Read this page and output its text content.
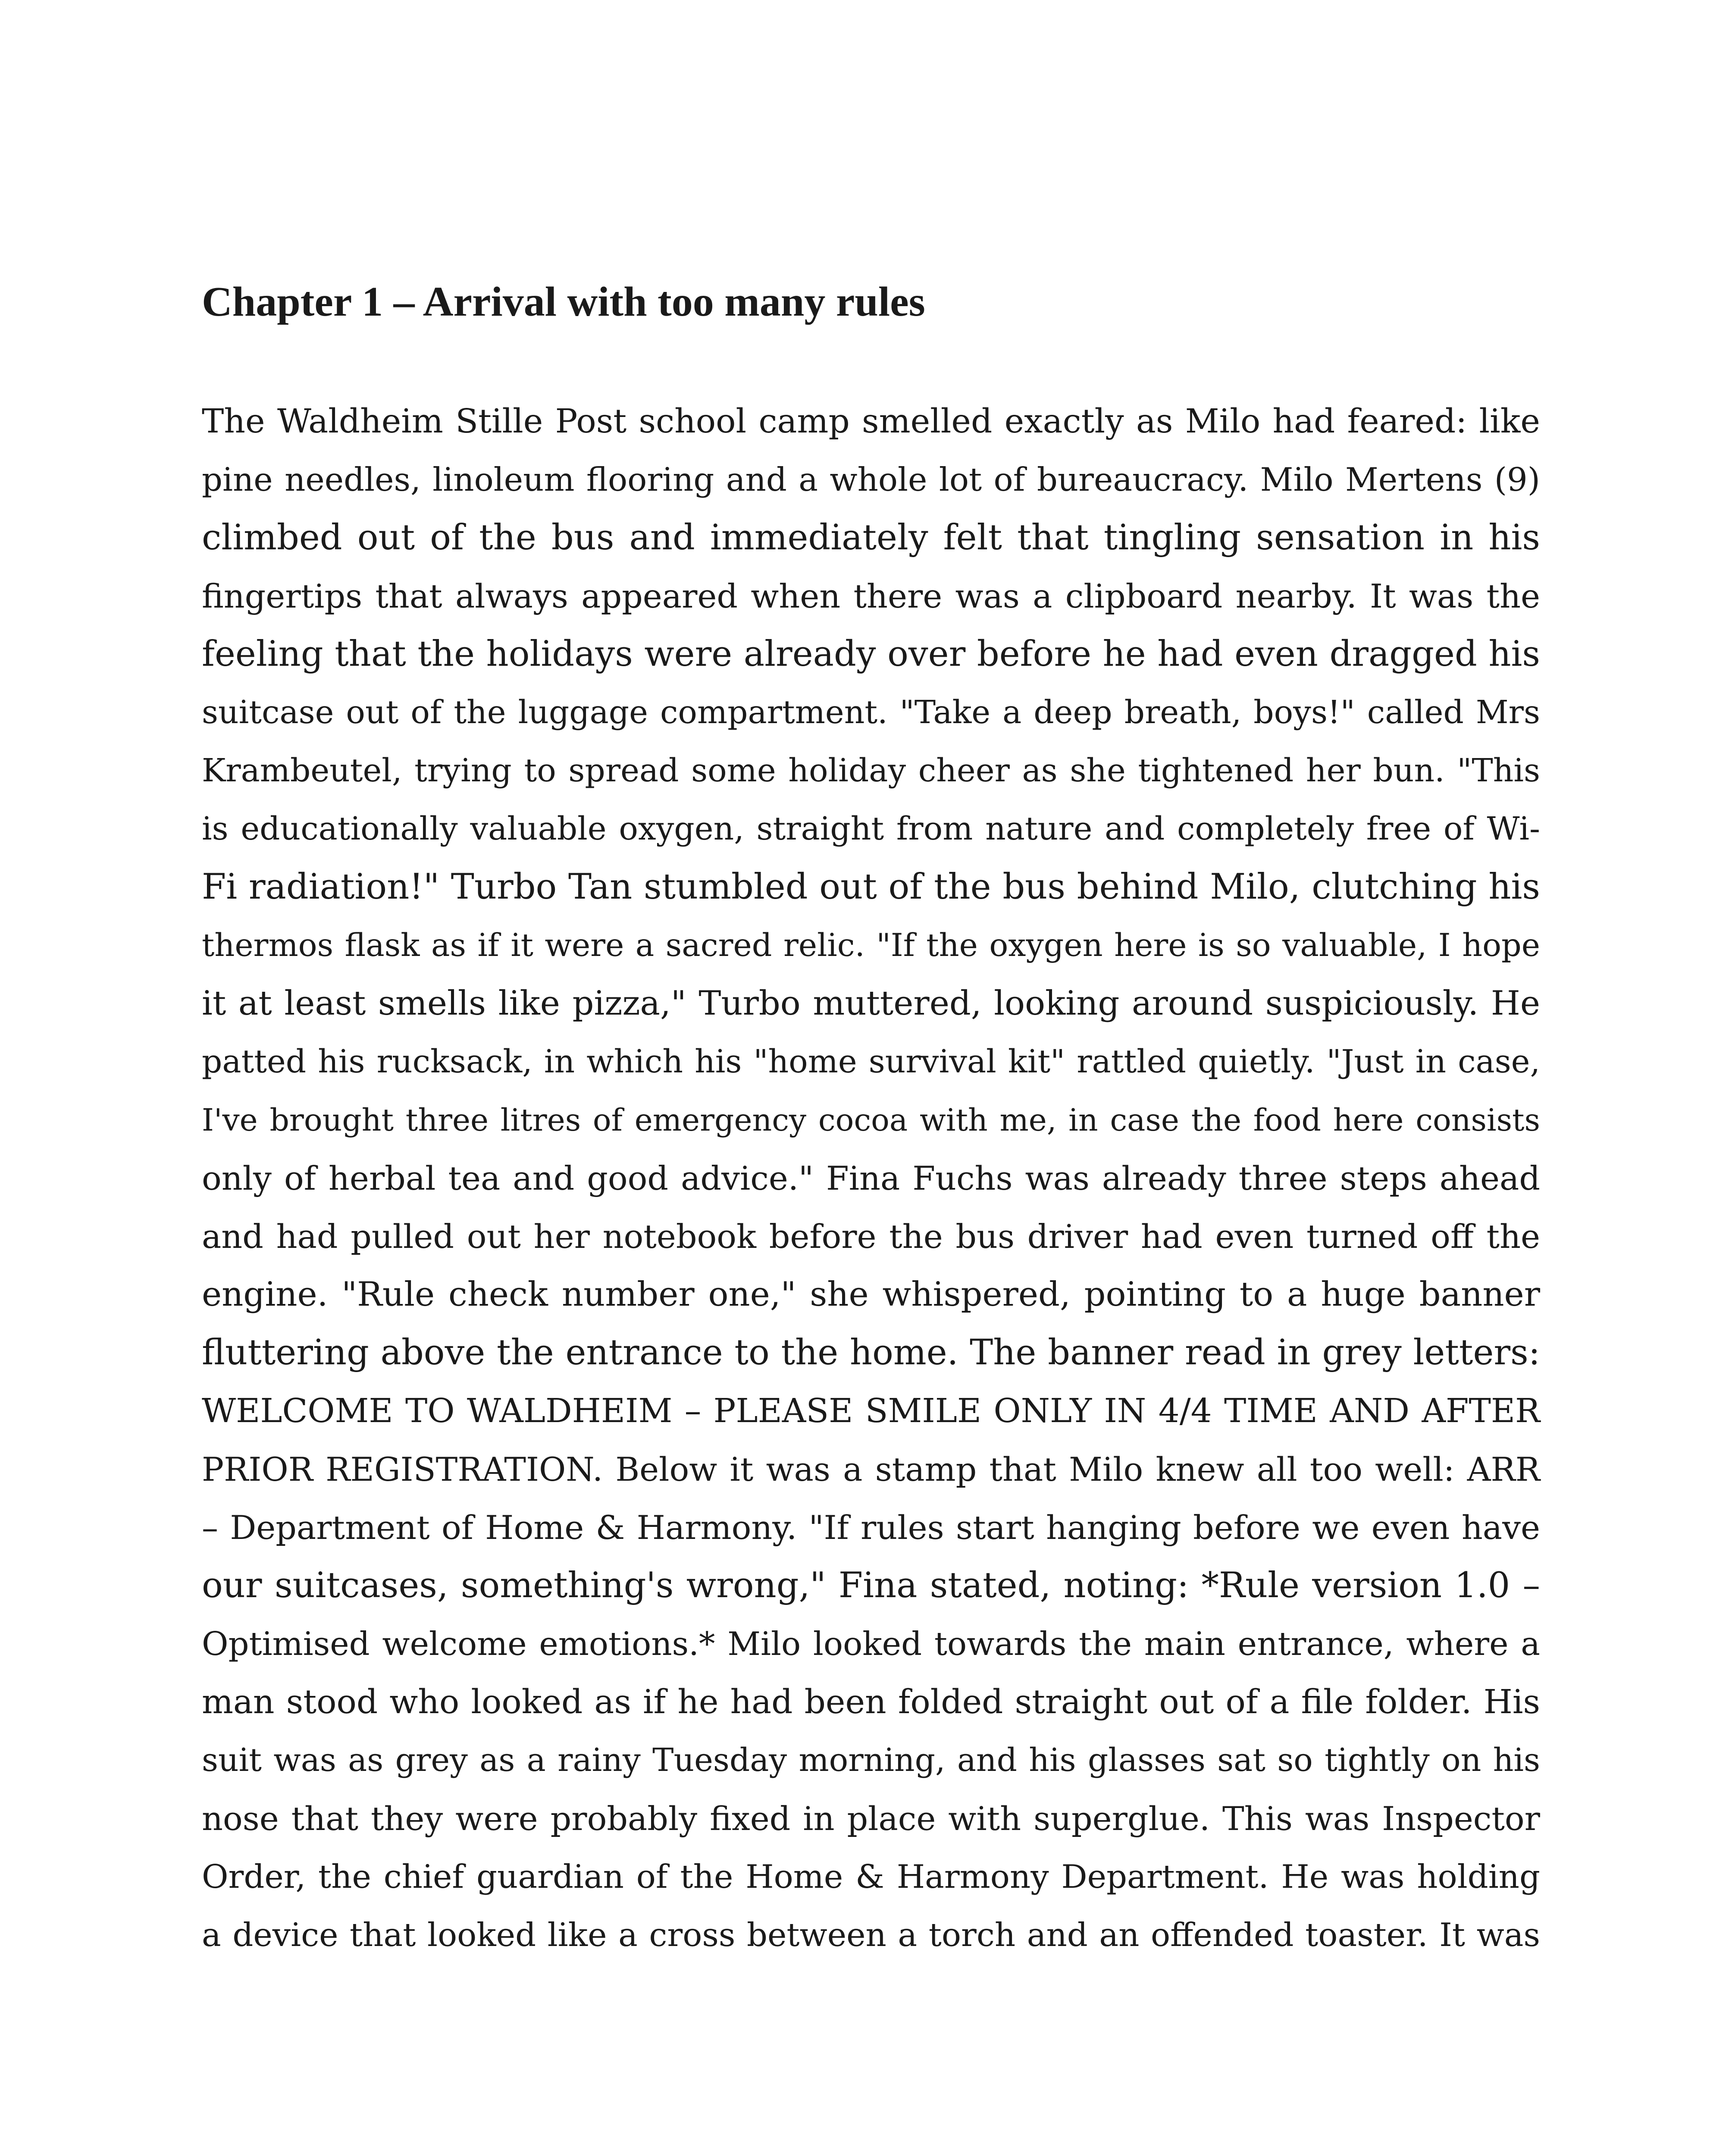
Chapter 1 – Arrival with too many rules

The Waldheim Stille Post school camp smelled exactly as Milo had feared: like
pine needles, linoleum flooring and a whole lot of bureaucracy. Milo Mertens (9)
climbed out of the bus and immediately felt that tingling sensation in his
fingertips that always appeared when there was a clipboard nearby. It was the
feeling that the holidays were already over before he had even dragged his
suitcase out of the luggage compartment. "Take a deep breath, boys!" called Mrs
Krambeutel, trying to spread some holiday cheer as she tightened her bun. "This
is educationally valuable oxygen, straight from nature and completely free of Wi-
Fi radiation!" Turbo Tan stumbled out of the bus behind Milo, clutching his
thermos flask as if it were a sacred relic. "If the oxygen here is so valuable, I hope
it at least smells like pizza," Turbo muttered, looking around suspiciously. He
patted his rucksack, in which his "home survival kit" rattled quietly. "Just in case,
I've brought three litres of emergency cocoa with me, in case the food here consists
only of herbal tea and good advice." Fina Fuchs was already three steps ahead
and had pulled out her notebook before the bus driver had even turned off the
engine. "Rule check number one," she whispered, pointing to a huge banner
fluttering above the entrance to the home. The banner read in grey letters:
WELCOME TO WALDHEIM – PLEASE SMILE ONLY IN 4/4 TIME AND AFTER
PRIOR REGISTRATION. Below it was a stamp that Milo knew all too well: ARR
– Department of Home & Harmony. "If rules start hanging before we even have
our suitcases, something's wrong," Fina stated, noting: *Rule version 1.0 –
Optimised welcome emotions.* Milo looked towards the main entrance, where a
man stood who looked as if he had been folded straight out of a file folder. His
suit was as grey as a rainy Tuesday morning, and his glasses sat so tightly on his
nose that they were probably fixed in place with superglue. This was Inspector
Order, the chief guardian of the Home & Harmony Department. He was holding
a device that looked like a cross between a torch and an offended toaster. It was
